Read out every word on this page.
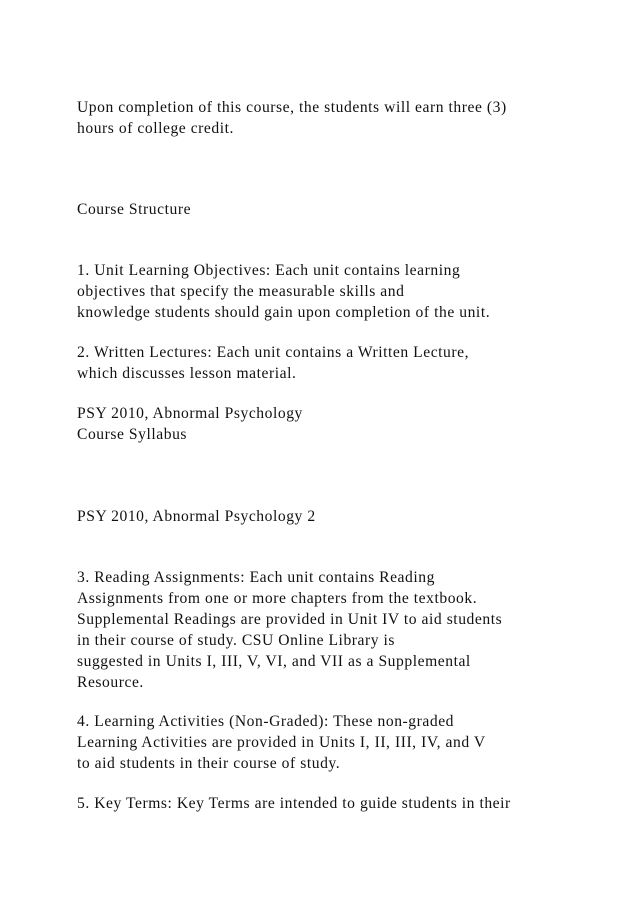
Upon completion of this course, the students will earn three (3)

hours of college credit.

Course Structure

1. Unit Learning Objectives: Each unit contains learning

objectives that specify the measurable skills and

knowledge students should gain upon completion of the unit.

2. Written Lectures: Each unit contains a Written Lecture,

which discusses lesson material.

PSY 2010, Abnormal Psychology

Course Syllabus

PSY 2010, Abnormal Psychology 2

3. Reading Assignments: Each unit contains Reading

Assignments from one or more chapters from the textbook.

Supplemental Readings are provided in Unit IV to aid students

in their course of study. CSU Online Library is

suggested in Units I, III, V, VI, and VII as a Supplemental

Resource.

4. Learning Activities (Non-Graded): These non-graded

Learning Activities are provided in Units I, II, III, IV, and V

to aid students in their course of study.

5. Key Terms: Key Terms are intended to guide students in their
